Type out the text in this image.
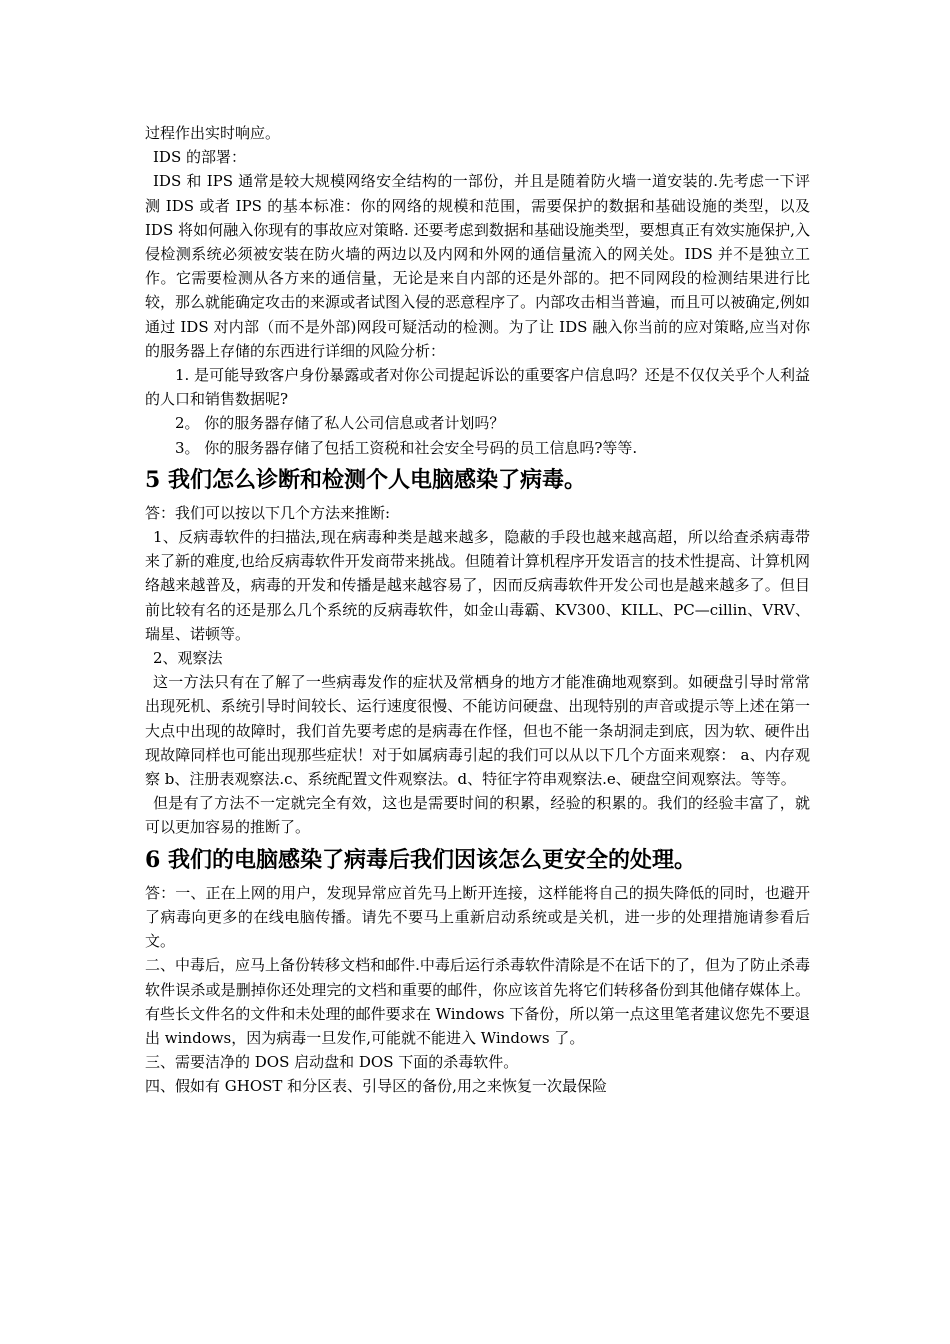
过程作出实时响应。

IDS 的部署：

IDS 和 IPS 通常是较大规模网络安全结构的一部份，并且是随着防火墙一道安装的.先考虑一下评测 IDS 或者 IPS 的基本标准：你的网络的规模和范围，需要保护的数据和基础设施的类型，以及 IDS 将如何融入你现有的事故应对策略. 还要考虑到数据和基础设施类型，要想真正有效实施保护,入侵检测系统必须被安装在防火墙的两边以及内网和外网的通信量流入的网关处。IDS 并不是独立工作。它需要检测从各方来的通信量，无论是来自内部的还是外部的。把不同网段的检测结果进行比较，那么就能确定攻击的来源或者试图入侵的恶意程序了。内部攻击相当普遍，而且可以被确定,例如通过 IDS 对内部（而不是外部)网段可疑活动的检测。为了让 IDS 融入你当前的应对策略,应当对你的服务器上存储的东西进行详细的风险分析：

1. 是可能导致客户身份暴露或者对你公司提起诉讼的重要客户信息吗？还是不仅仅关乎个人利益的人口和销售数据呢?

2。 你的服务器存储了私人公司信息或者计划吗？

3。 你的服务器存储了包括工资税和社会安全号码的员工信息吗?等等.

5 我们怎么诊断和检测个人电脑感染了病毒。

答：我们可以按以下几个方法来推断:

1、反病毒软件的扫描法,现在病毒种类是越来越多，隐蔽的手段也越来越高超，所以给查杀病毒带来了新的难度,也给反病毒软件开发商带来挑战。但随着计算机程序开发语言的技术性提高、计算机网络越来越普及，病毒的开发和传播是越来越容易了，因而反病毒软件开发公司也是越来越多了。但目前比较有名的还是那么几个系统的反病毒软件，如金山毒霸、KV300、KILL、PC—cillin、VRV、瑞星、诺顿等。

2、观察法

这一方法只有在了解了一些病毒发作的症状及常栖身的地方才能准确地观察到。如硬盘引导时常常出现死机、系统引导时间较长、运行速度很慢、不能访问硬盘、出现特别的声音或提示等上述在第一大点中出现的故障时，我们首先要考虑的是病毒在作怪，但也不能一条胡洞走到底，因为软、硬件出现故障同样也可能出现那些症状！对于如属病毒引起的我们可以从以下几个方面来观察： a、内存观察 b、注册表观察法.c、系统配置文件观察法。d、特征字符串观察法.e、硬盘空间观察法。等等。

但是有了方法不一定就完全有效，这也是需要时间的积累，经验的积累的。我们的经验丰富了，就可以更加容易的推断了。

6 我们的电脑感染了病毒后我们因该怎么更安全的处理。

答：一、正在上网的用户，发现异常应首先马上断开连接，这样能将自己的损失降低的同时，也避开了病毒向更多的在线电脑传播。请先不要马上重新启动系统或是关机，进一步的处理措施请参看后文。

二、中毒后，应马上备份转移文档和邮件.中毒后运行杀毒软件清除是不在话下的了，但为了防止杀毒软件误杀或是删掉你还处理完的文档和重要的邮件，你应该首先将它们转移备份到其他储存媒体上。有些长文件名的文件和未处理的邮件要求在 Windows 下备份，所以第一点这里笔者建议您先不要退出 windows，因为病毒一旦发作,可能就不能进入 Windows 了。

三、需要洁净的 DOS 启动盘和 DOS 下面的杀毒软件。

四、假如有 GHOST 和分区表、引导区的备份,用之来恢复一次最保险
